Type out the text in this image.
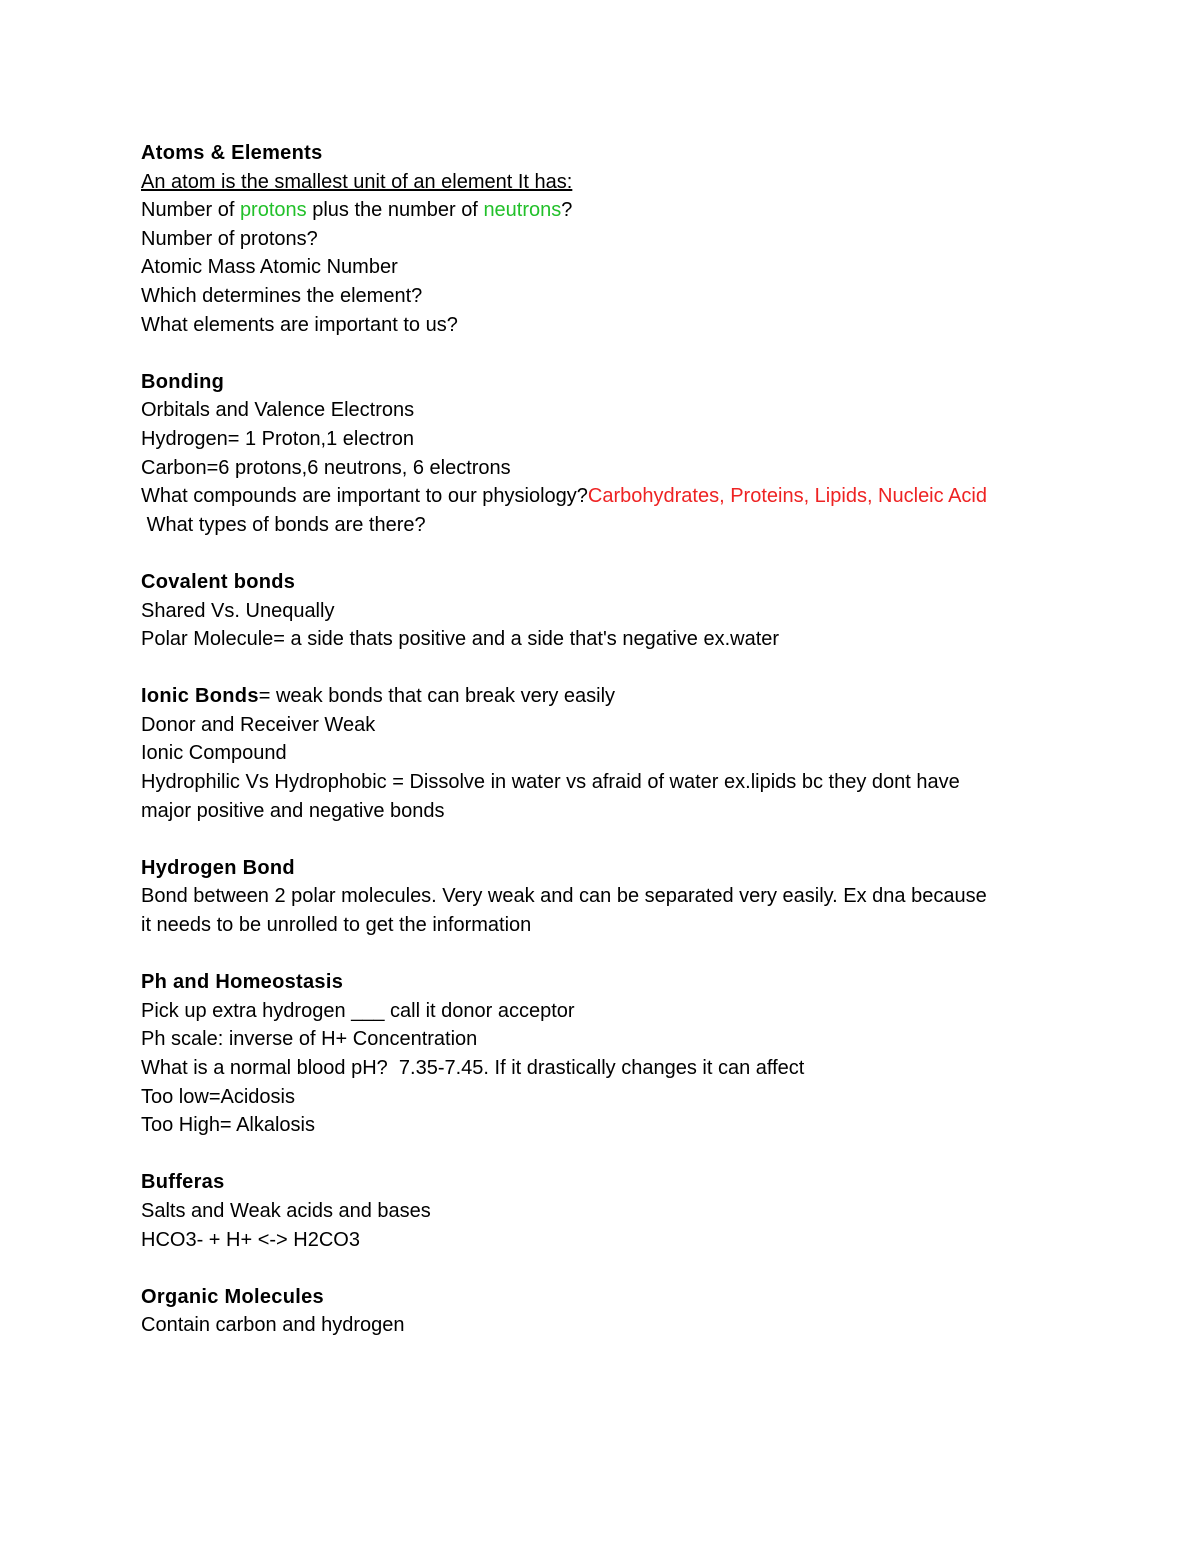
Atoms & Elements
An atom is the smallest unit of an element It has:
Number of protons plus the number of neutrons?
Number of protons?
Atomic Mass Atomic Number
Which determines the element?
What elements are important to us?
Bonding
Orbitals and Valence Electrons
Hydrogen= 1 Proton,1 electron
Carbon=6 protons,6 neutrons, 6 electrons
What compounds are important to our physiology?Carbohydrates, Proteins, Lipids, Nucleic Acid
What types of bonds are there?
Covalent bonds
Shared Vs. Unequally
Polar Molecule= a side thats positive and a side that's negative ex.water
Ionic Bonds= weak bonds that can break very easily
Donor and Receiver Weak
Ionic Compound
Hydrophilic Vs Hydrophobic = Dissolve in water vs afraid of water ex.lipids bc they dont have
major positive and negative bonds
Hydrogen Bond
Bond between 2 polar molecules. Very weak and can be separated very easily. Ex dna because
it needs to be unrolled to get the information
Ph and Homeostasis
Pick up extra hydrogen ___ call it donor acceptor
Ph scale: inverse of H+ Concentration
What is a normal blood pH?  7.35-7.45. If it drastically changes it can affect
Too low=Acidosis
Too High= Alkalosis
Bufferas
Salts and Weak acids and bases
HCO3- + H+ <-> H2CO3
Organic Molecules
Contain carbon and hydrogen
